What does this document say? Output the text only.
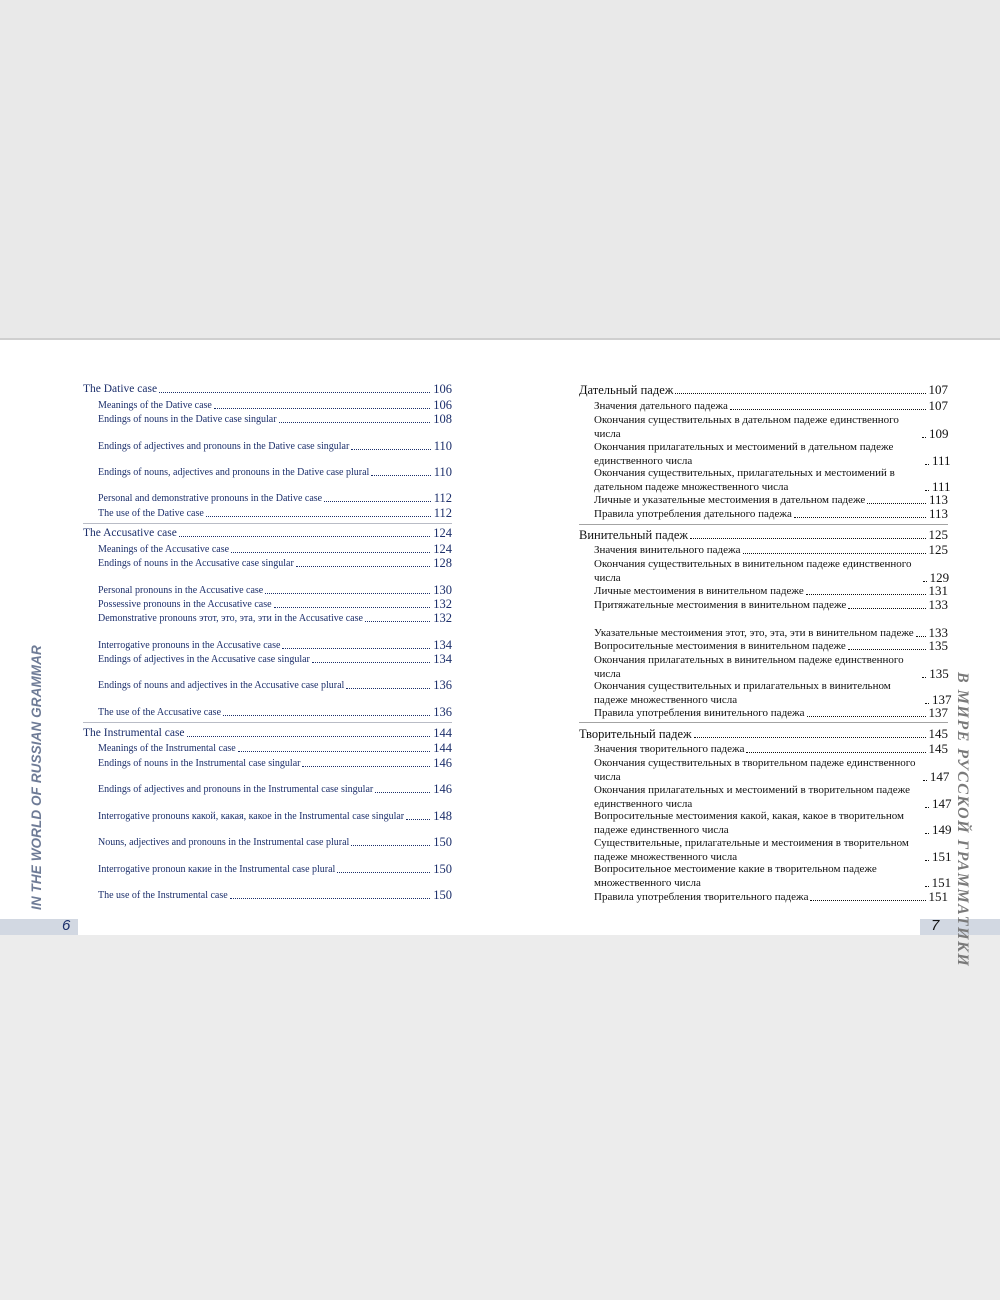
6	7
IN THE WORLD OF RUSSIAN GRAMMAR	В МИРЕ РУССКОЙ ГРАММАТИКИ
The Dative case	106
Meanings of the Dative case	106
Endings of nouns in the Dative case singular	108
Endings of adjectives and pronouns in the Dative case singular	110
Endings of nouns, adjectives and pronouns in the Dative case plural	110
Personal and demonstrative pronouns in the Dative case	112
The use of the Dative case	112
The Accusative case	124
Meanings of the Accusative case	124
Endings of nouns in the Accusative case singular	128
Personal pronouns in the Accusative case	130
Possessive pronouns in the Accusative case	132
Demonstrative pronouns этот, это, эта, эти in the Accusative case	132
Interrogative pronouns in the Accusative case	134
Endings of adjectives in the Accusative case singular	134
Endings of nouns and adjectives in the Accusative case plural	136
The use of the Accusative case	136
The Instrumental case	144
Meanings of the Instrumental case	144
Endings of nouns in the Instrumental case singular	146
Endings of adjectives and pronouns in the Instrumental case singular	146
Interrogative pronouns какой, какая, какое in the Instrumental case singular 148
Nouns, adjectives and pronouns in the Instrumental case plural	150
Interrogative pronoun какие in the Instrumental case plural	150
The use of the Instrumental case	150
Дательный падеж	107
Значения дательного падежа	107
Окончания существительных в дательном падеже единственного числа	109
Окончания прилагательных и местоимений в дательном падеже единственного числа	111
Окончания существительных, прилагательных и местоимений в дательном падеже множественного числа	111
Личные и указательные местоимения в дательном падеже	113
Правила употребления дательного падежа	113
Винительный падеж	125
Значения винительного падежа	125
Окончания существительных в винительном падеже единственного числа	129
Личные местоимения в винительном падеже	131
Притяжательные местоимения в винительном падеже	133
Указательные местоимения этот, это, эта, эти в винительном падеже 133
Вопросительные местоимения в винительном падеже	135
Окончания прилагательных в винительном падеже единственного числа	135
Окончания существительных и прилагательных в винительном падеже множественного числа	137
Правила употребления винительного падежа	137
Творительный падеж	145
Значения творительного падежа	145
Окончания существительных в творительном падеже единственного числа	147
Окончания прилагательных и местоимений в творительном падеже единственного числа	147
Вопросительные местоимения какой, какая, какое в творительном падеже единственного числа	149
Существительные, прилагательные и местоимения в творительном падеже множественного числа	151
Вопросительное местоимение какие в творительном падеже множественного числа	151
Правила употребления творительного падежа	151
